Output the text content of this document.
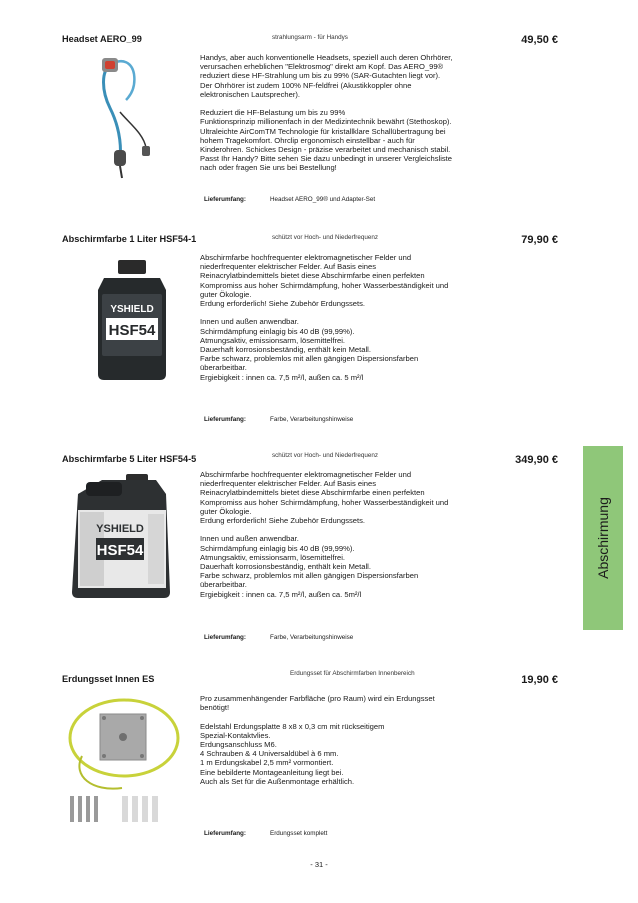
Headset AERO_99	strahlungsarm - für Handys	49,50 €

Handys, aber auch konventionelle Headsets, speziell auch deren Ohrhörer,
verursachen erheblichen "Elektrosmog" direkt am Kopf. Das AERO_99®
reduziert diese HF-Strahlung um bis zu 99% (SAR-Gutachten liegt vor).
Der Ohrhörer ist zudem 100% NF-feldfrei (Akustikkoppler ohne
elektronischen Lautsprecher).

Reduziert die HF-Belastung um bis zu 99%
Funktionsprinzip millionenfach in der Medizintechnik bewährt (Stethoskop).
Ultraleichte AirComTM Technologie für kristallklare Schallübertragung bei
hohem Tragekomfort. Ohrclip ergonomisch einstellbar - auch für
Kinderohren. Schickes Design - präzise verarbeitet und mechanisch stabil.
Passt Ihr Handy? Bitte sehen Sie dazu unbedingt in unserer Vergleichsliste
nach oder fragen Sie uns bei Bestellung!

Lieferumfang:	Headset AERO_99® und Adapter-Set
Abschirmfarbe 1 Liter HSF54-1	schützt vor Hoch- und Niederfrequenz	79,90 €
YSHIELD
HSF54

Abschirmfarbe hochfrequenter elektromagnetischer Felder und
niederfrequenter elektrischer Felder. Auf Basis eines
Reinacrylatbindemittels bietet diese Abschirmfarbe einen perfekten
Kompromiss aus hoher Schirmdämpfung, hoher Wasserbeständigkeit und
guter Ökologie.
Erdung erforderlich! Siehe Zubehör Erdungssets.

Innen und außen anwendbar.
Schirmdämpfung einlagig bis 40 dB (99,99%).
Atmungsaktiv, emissionsarm, lösemittelfrei.
Dauerhaft korrosionsbeständig, enthält kein Metall.
Farbe schwarz, problemlos mit allen gängigen Dispersionsfarben
überarbeitbar.
Ergiebigkeit : innen ca. 7,5 m²/l, außen ca. 5 m²/l

Lieferumfang:	Farbe, Verarbeitungshinweise
Abschirmfarbe 5 Liter HSF54-5	schützt vor Hoch- und Niederfrequenz	349,90 €
YSHIELD
HSF54

Abschirmfarbe hochfrequenter elektromagnetischer Felder und
niederfrequenter elektrischer Felder. Auf Basis eines
Reinacrylatbindemittels bietet diese Abschirmfarbe einen perfekten
Kompromiss aus hoher Schirmdämpfung, hoher Wasserbeständigkeit und
guter Ökologie.
Erdung erforderlich! Siehe Zubehör Erdungssets.

Innen und außen anwendbar.
Schirmdämpfung einlagig bis 40 dB (99,99%).
Atmungsaktiv, emissionsarm, lösemittelfrei.
Dauerhaft korrosionsbeständig, enthält kein Metall.
Farbe schwarz, problemlos mit allen gängigen Dispersionsfarben
überarbeitbar.
Ergiebigkeit : innen ca. 7,5 m²/l, außen ca. 5m²/l

Lieferumfang:	Farbe, Verarbeitungshinweise
Erdungsset Innen ES
Erdungsset für Abschirmfarben Innenbereich
19,90 €

Pro zusammenhängender Farbfläche (pro Raum) wird ein Erdungsset
benötigt!

Edelstahl Erdungsplatte 8 x8 x 0,3 cm mit rückseitigem
Spezial-Kontaktvlies.
Erdungsanschluss M6.
4 Schrauben & 4 Universaldübel à 6 mm.
1 m Erdungskabel 2,5 mm² vormontiert.
Eine bebilderte Montageanleitung liegt bei.
Auch als Set für die Außenmontage erhältlich.

Lieferumfang:	Erdungsset komplett
Abschirmung
- 31 -
